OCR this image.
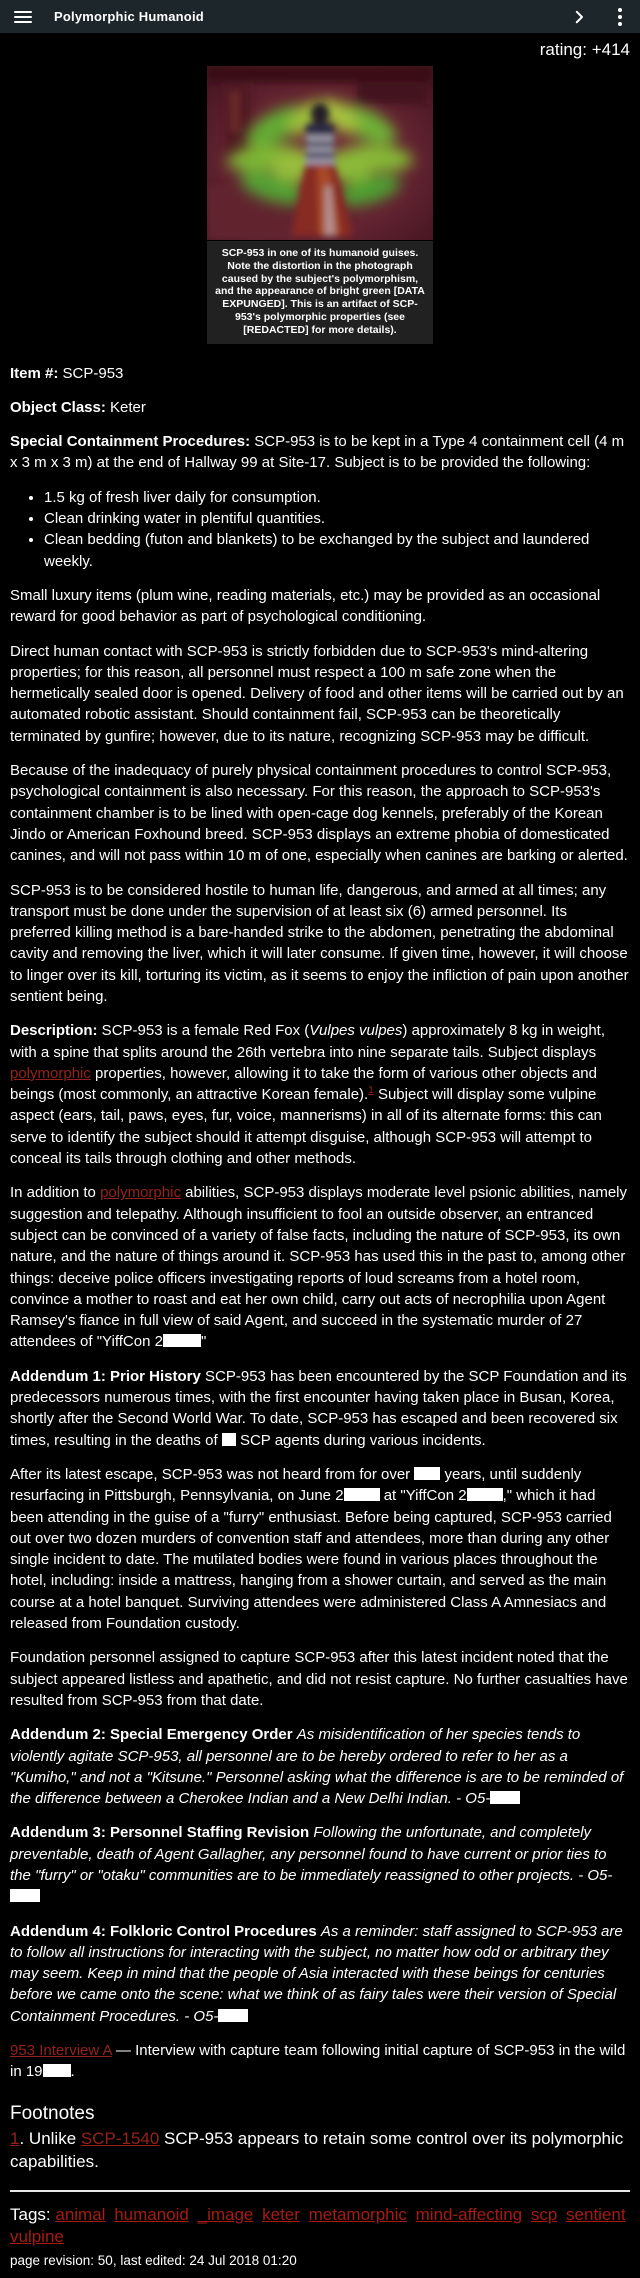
Polymorphic Humanoid
rating: +414
SCP-953 in one of its humanoid guises. Note the distortion in the photograph caused by the subject's polymorphism, and the appearance of bright green [DATA EXPUNGED]. This is an artifact of SCP-953's polymorphic properties (see [REDACTED] for more details).

Item #: SCP-953

Object Class: Keter

Special Containment Procedures: SCP-953 is to be kept in a Type 4 containment cell (4 m x 3 m x 3 m) at the end of Hallway 99 at Site-17. Subject is to be provided the following:

• 1.5 kg of fresh liver daily for consumption.
• Clean drinking water in plentiful quantities.
• Clean bedding (futon and blankets) to be exchanged by the subject and laundered weekly.

Small luxury items (plum wine, reading materials, etc.) may be provided as an occasional reward for good behavior as part of psychological conditioning.

Direct human contact with SCP-953 is strictly forbidden due to SCP-953's mind-altering properties; for this reason, all personnel must respect a 100 m safe zone when the hermetically sealed door is opened. Delivery of food and other items will be carried out by an automated robotic assistant. Should containment fail, SCP-953 can be theoretically terminated by gunfire; however, due to its nature, recognizing SCP-953 may be difficult.

Because of the inadequacy of purely physical containment procedures to control SCP-953, psychological containment is also necessary. For this reason, the approach to SCP-953's containment chamber is to be lined with open-cage dog kennels, preferably of the Korean Jindo or American Foxhound breed. SCP-953 displays an extreme phobia of domesticated canines, and will not pass within 10 m of one, especially when canines are barking or alerted.

SCP-953 is to be considered hostile to human life, dangerous, and armed at all times; any transport must be done under the supervision of at least six (6) armed personnel. Its preferred killing method is a bare-handed strike to the abdomen, penetrating the abdominal cavity and removing the liver, which it will later consume. If given time, however, it will choose to linger over its kill, torturing its victim, as it seems to enjoy the infliction of pain upon another sentient being.

Description: SCP-953 is a female Red Fox (Vulpes vulpes) approximately 8 kg in weight, with a spine that splits around the 26th vertebra into nine separate tails. Subject displays polymorphic properties, however, allowing it to take the form of various other objects and beings (most commonly, an attractive Korean female).$^1$ Subject will display some vulpine aspect (ears, tail, paws, eyes, fur, voice, mannerisms) in all of its alternate forms: this can serve to identify the subject should it attempt disguise, although SCP-953 will attempt to conceal its tails through clothing and other methods.

In addition to polymorphic abilities, SCP-953 displays moderate level psionic abilities, namely suggestion and telepathy. Although insufficient to fool an outside observer, an entranced subject can be convinced of a variety of false facts, including the nature of SCP-953, its own nature, and the nature of things around it. SCP-953 has used this in the past to, among other things: deceive police officers investigating reports of loud screams from a hotel room, convince a mother to roast and eat her own child, carry out acts of necrophilia upon Agent Ramsey's fiance in full view of said Agent, and succeed in the systematic murder of 27 attendees of "YiffCon 2	"

Addendum 1: Prior History SCP-953 has been encountered by the SCP Foundation and its predecessors numerous times, with the first encounter having taken place in Busan, Korea, shortly after the Second World War. To date, SCP-953 has escaped and been recovered six times, resulting in the deaths of  SCP agents during various incidents.

After its latest escape, SCP-953 was not heard from for over  years, until suddenly resurfacing in Pittsburgh, Pennsylvania, on June 2 at "YiffCon 2 ," which it had been attending in the guise of a "furry" enthusiast. Before being captured, SCP-953 carried out over two dozen murders of convention staff and attendees, more than during any other single incident to date. The mutilated bodies were found in various places throughout the hotel, including: inside a mattress, hanging from a shower curtain, and served as the main course at a hotel banquet. Surviving attendees were administered Class A Amnesiacs and released from Foundation custody.

Foundation personnel assigned to capture SCP-953 after this latest incident noted that the subject appeared listless and apathetic, and did not resist capture. No further casualties have resulted from SCP-953 from that date.

Addendum 2: Special Emergency Order As misidentification of her species tends to violently agitate SCP-953, all personnel are to be hereby ordered to refer to her as a "Kumiho," and not a "Kitsune." Personnel asking what the difference is are to be reminded of the difference between a Cherokee Indian and a New Delhi Indian. - O5-

Addendum 3: Personnel Staffing Revision Following the unfortunate, and completely preventable, death of Agent Gallagher, any personnel found to have current or prior ties to the "furry" or "otaku" communities are to be immediately reassigned to other projects. - O5-

Addendum 4: Folkloric Control Procedures As a reminder: staff assigned to SCP-953 are to follow all instructions for interacting with the subject, no matter how odd or arbitrary they may seem. Keep in mind that the people of Asia interacted with these beings for centuries before we came onto the scene: what we think of as fairy tales were their version of Special Containment Procedures. - O5-

953 Interview A — Interview with capture team following initial capture of SCP-953 in the wild in 19 .

Footnotes

1. Unlike SCP-1540 SCP-953 appears to retain some control over its polymorphic capabilities.

Tags: animal humanoid _image keter metamorphic mind-affecting scp sentient vulpine

page revision: 50, last edited: 24 Jul 2018 01:20
